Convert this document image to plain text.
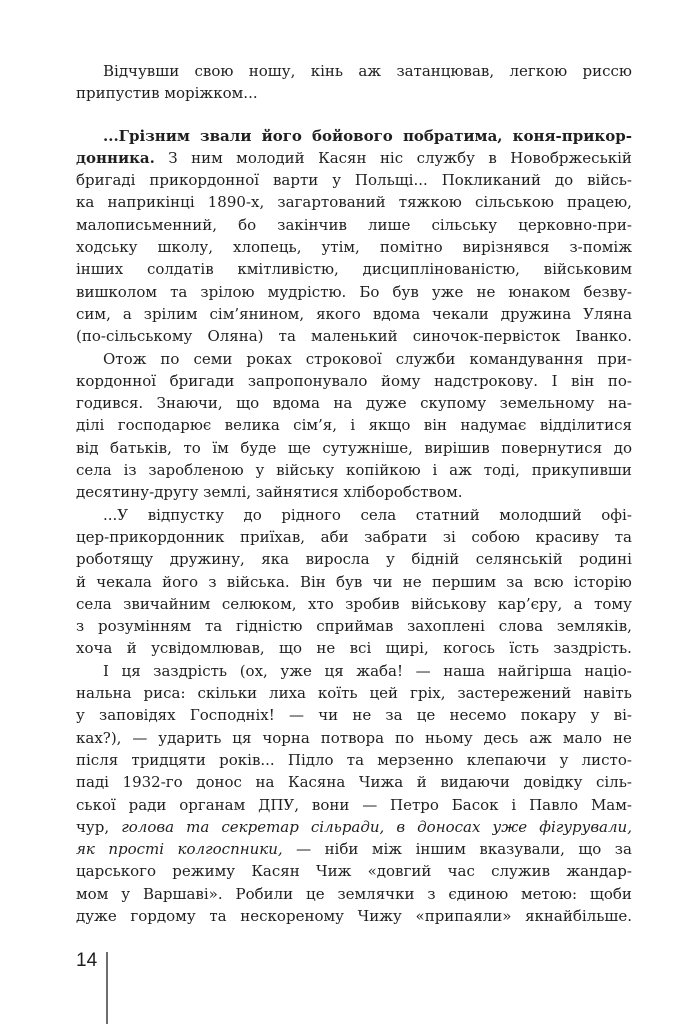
Відчувши свою ношу, кінь аж затанцював, легкою риссю
припустив моріжком...
...Грізним звали його бойового побратима, коня-прикор-
донника. З ним молодий Касян ніс службу в Новобржеській
бригаді прикордонної варти у Польщі... Покликаний до війсь-
ка наприкінці 1890-х, загартований тяжкою сільською працею,
малописьменний, бо закінчив лише сільську церковно-при-
ходську школу, хлопець, утім, помітно вирізнявся з-поміж
інших солдатів кмітливістю, дисциплінованістю, військовим
вишколом та зрілою мудрістю. Бо був уже не юнаком безву-
сим, а зрілим сім’янином, якого вдома чекали дружина Уляна
(по-сільському Оляна) та маленький синочок-первісток Іванко.
Отож по семи роках строкової служби командування при-
кордонної бригади запропонувало йому надстрокову. І він по-
годився. Знаючи, що вдома на дуже скупому земельному на-
ділі господарює велика сім’я, і якщо він надумає відділитися
від батьків, то їм буде ще сутужніше, вирішив повернутися до
села із заробленою у війську копійкою і аж тоді, прикупивши
десятину-другу землі, зайнятися хліборобством.
...У відпустку до рідного села статний молодший офі-
цер-прикордонник приїхав, аби забрати зі собою красиву та
роботящу дружину, яка виросла у бідній селянській родині
й чекала його з війська. Він був чи не першим за всю історію
села звичайним селюком, хто зробив військову кар’єру, а тому
з розумінням та гідністю сприймав захоплені слова земляків,
хоча й усвідомлював, що не всі щирі, когось їсть заздрість.
І ця заздрість (ох, уже ця жаба! — наша найгірша націо-
нальна риса: скільки лиха коїть цей гріх, застережений навіть
у заповідях Господніх! — чи не за це несемо покару у ві-
ках?), — ударить ця чорна потвора по ньому десь аж мало не
після тридцяти років... Підло та мерзенно клепаючи у листо-
паді 1932-го донос на Касяна Чижа й видаючи довідку сіль-
ської ради органам ДПУ, вони — Петро Басок і Павло Мам-
чур, голова та секретар сільради, в доносах уже фігурували,
як прості колгоспники, — ніби між іншим вказували, що за
царського режиму Касян Чиж «довгий час служив жандар-
мом у Варшаві». Робили це землячки з єдиною метою: щоби
дуже гордому та нескореному Чижу «припаяли» якнайбільше.
14
